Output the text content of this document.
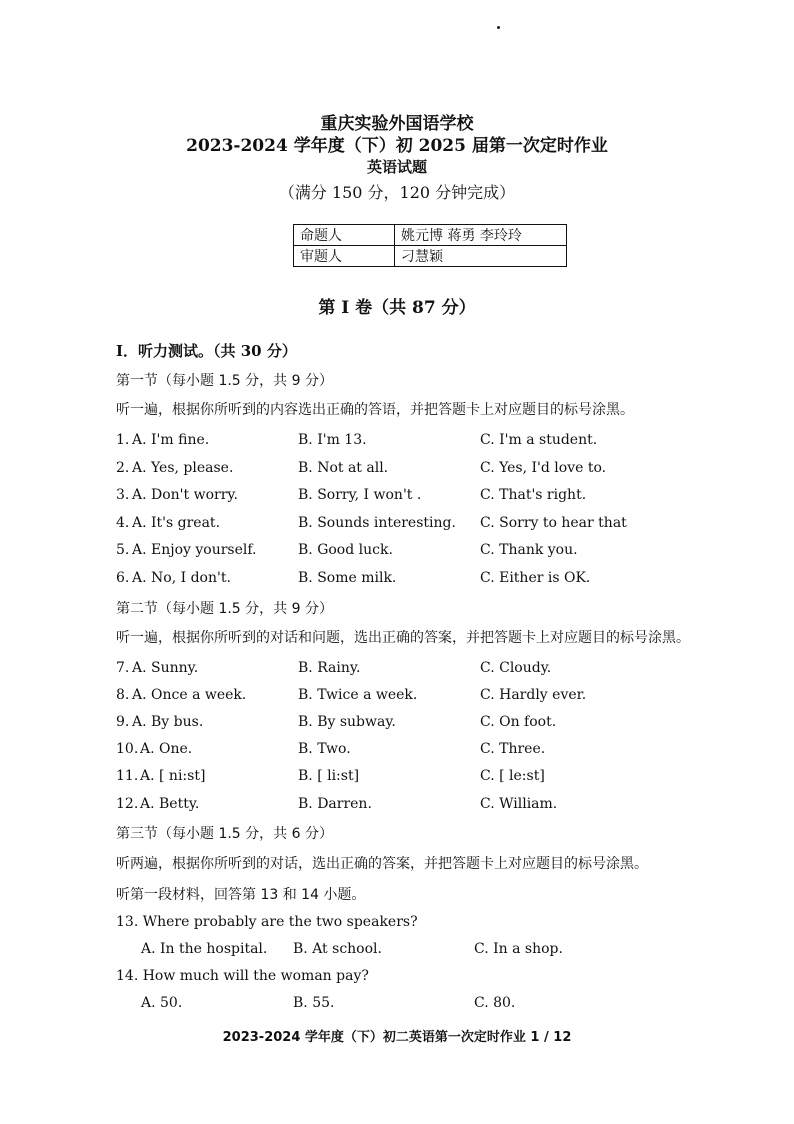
重庆实验外国语学校
2023-2024 学年度（下）初 2025 届第一次定时作业
英语试题
（满分 150 分，120 分钟完成）
命题人	姚元博 蒋勇 李玲玲
审题人	刁慧颖
第 I 卷（共 87 分）
I．听力测试。（共 30 分）
第一节（每小题 1.5 分，共 9 分）
听一遍，根据你所听到的内容选出正确的答语，并把答题卡上对应题目的标号涂黑。
1. A. I'm fine.	B. I'm 13.	C. I'm a student.
2. A. Yes, please.	B. Not at all.	C. Yes, I'd love to.
3. A. Don't worry.	B. Sorry, I won't .	C. That's right.
4. A. It's great.	B. Sounds interesting. C. Sorry to hear that
5. A. Enjoy yourself.	B. Good luck.	C. Thank you.
6. A. No, I don't.	B. Some milk.	C. Either is OK.
第二节（每小题 1.5 分，共 9 分）
听一遍，根据你所听到的对话和问题，选出正确的答案，并把答题卡上对应题目的标号涂黑。
7. A. Sunny.	B. Rainy.	C. Cloudy.
8. A. Once a week.	B. Twice a week.	C. Hardly ever.
9. A. By bus.	B. By subway.	C. On foot.
10. A. One.	B. Two.	C. Three.
11. A. [ ni:st]	B. [ li:st]	C. [ le:st]
12. A. Betty.	B. Darren.	C. William.
第三节（每小题 1.5 分，共 6 分）
听两遍，根据你所听到的对话，选出正确的答案，并把答题卡上对应题目的标号涂黑。
听第一段材料，回答第 13 和 14 小题。
13. Where probably are the two speakers?
A. In the hospital. B. At school.	C. In a shop.
14. How much will the woman pay?
A. 50.	B. 55.	C. 80.
2023-2024 学年度（下）初二英语第一次定时作业 1 / 12
